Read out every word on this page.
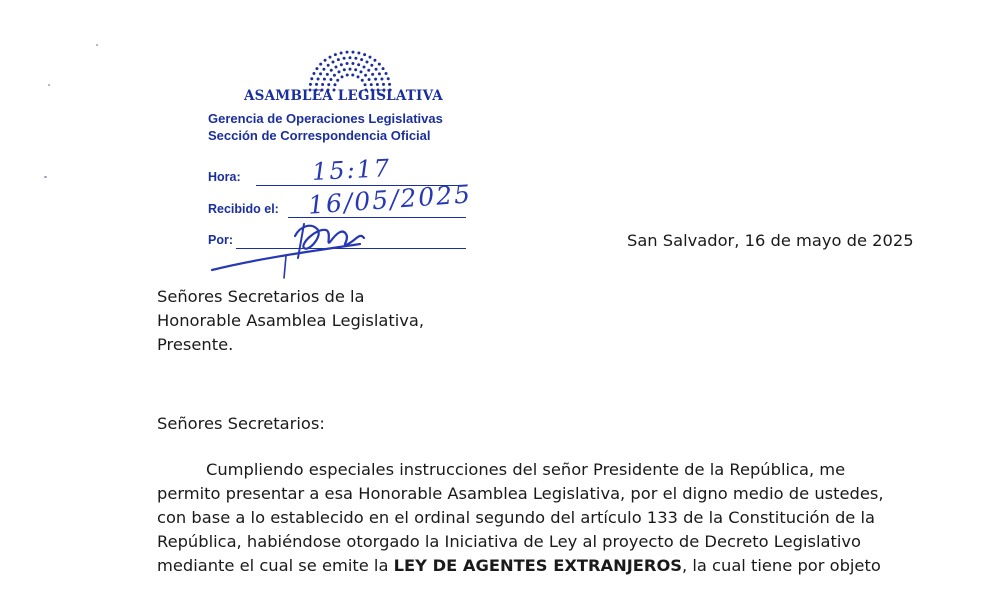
ASAMBLEA LEGISLATIVA
Gerencia de Operaciones Legislativas
Sección de Correspondencia Oficial
Hora:	15:17
Recibido el: 16/05/2025
Por:	San Salvador, 16 de mayo de 2025
Señores Secretarios de la
Honorable Asamblea Legislativa,
Presente.
Señores Secretarios:
Cumpliendo especiales instrucciones del señor Presidente de la República, me
permito presentar a esa Honorable Asamblea Legislativa, por el digno medio de ustedes,
con base a lo establecido en el ordinal segundo del artículo 133 de la Constitución de la
República, habiéndose otorgado la Iniciativa de Ley al proyecto de Decreto Legislativo
mediante el cual se emite la LEY DE AGENTES EXTRANJEROS, la cual tiene por objeto
